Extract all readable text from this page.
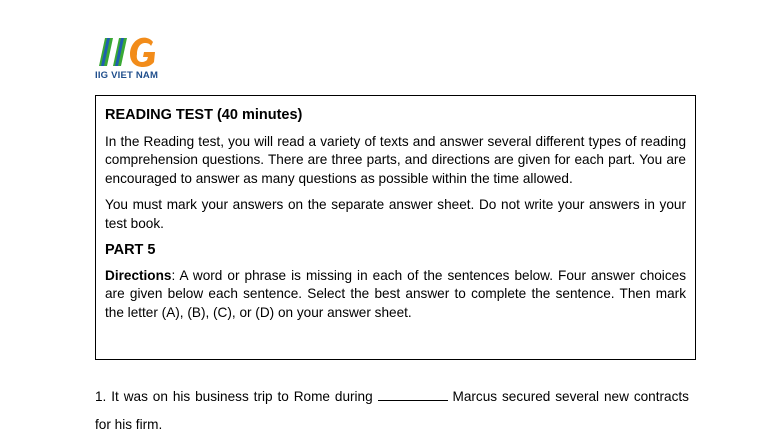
IIG VIET NAM

READING TEST (40 minutes)

In the Reading test, you will read a variety of texts and answer several different types of reading comprehension questions. There are three parts, and directions are given for each part. You are encouraged to answer as many questions as possible within the time allowed.

You must mark your answers on the separate answer sheet. Do not write your answers in your test book.

PART 5

Directions: A word or phrase is missing in each of the sentences below. Four answer choices are given below each sentence. Select the best answer to complete the sentence. Then mark the letter (A), (B), (C), or (D) on your answer sheet.

1. It was on his business trip to Rome during	Marcus secured several new contracts for his firm.
